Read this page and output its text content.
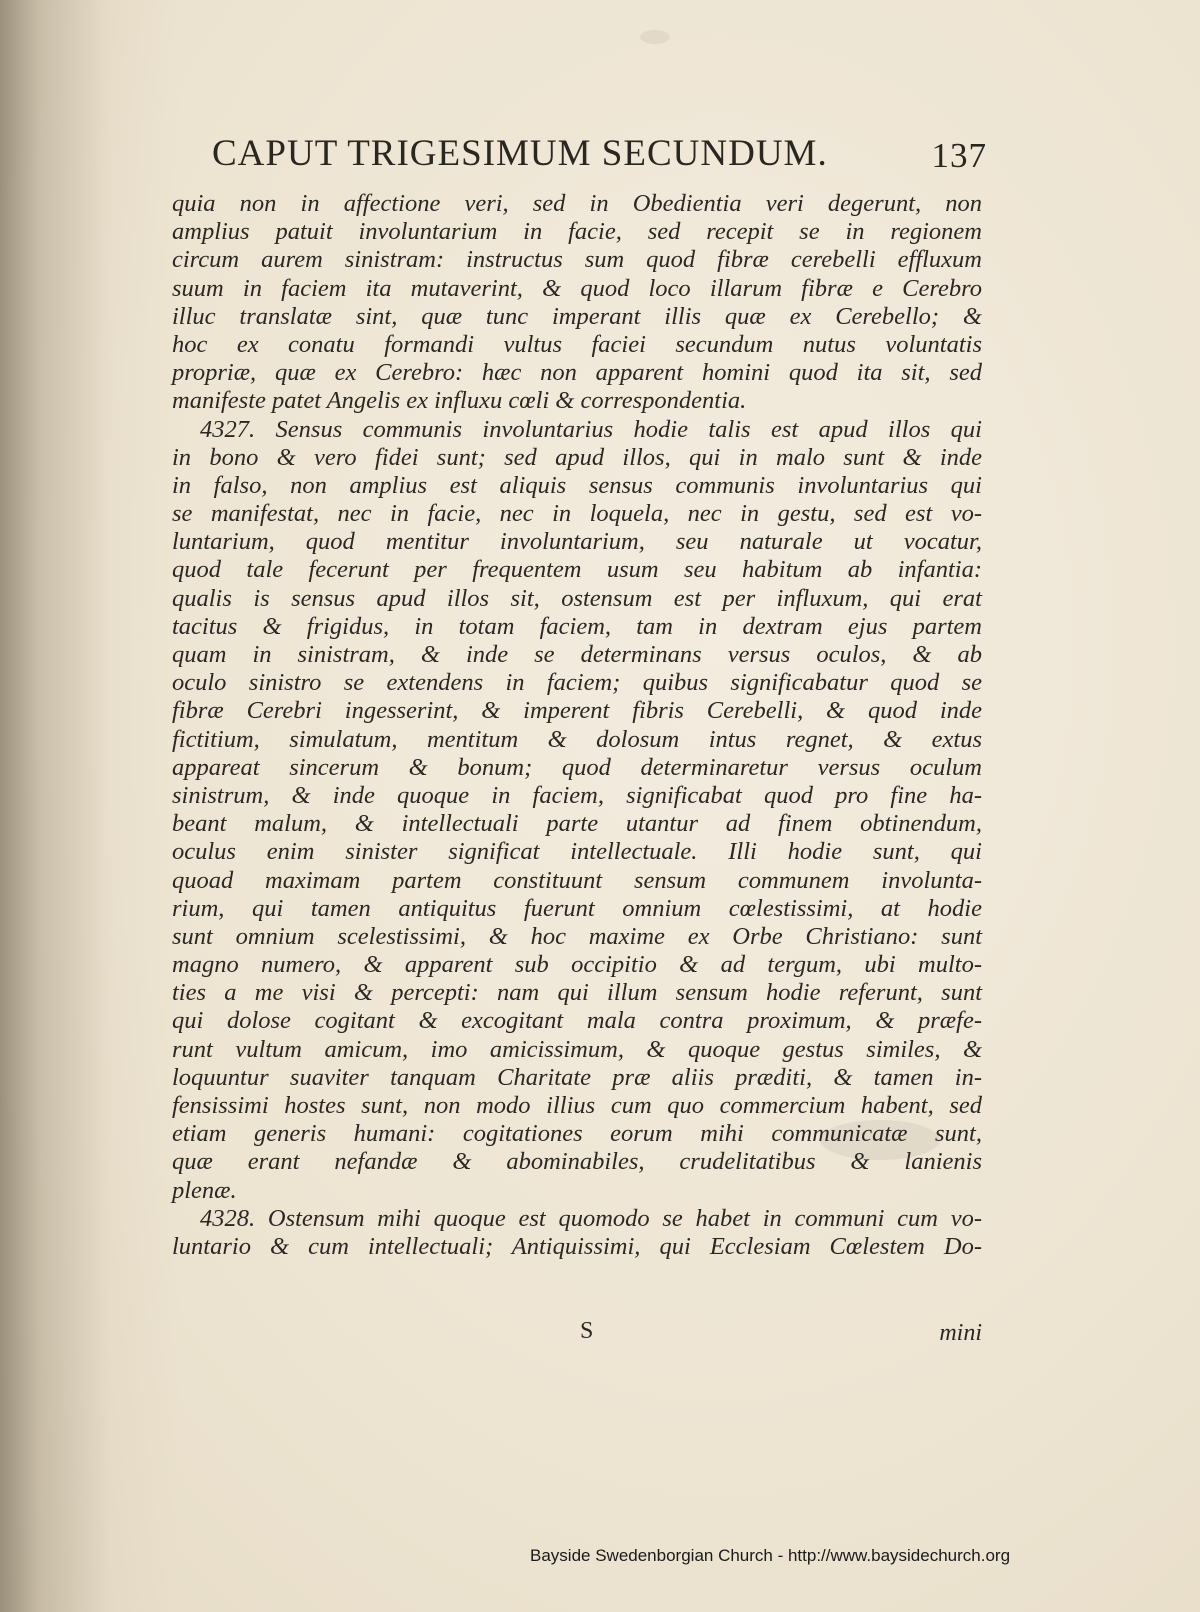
CAPUT TRIGESIMUM SECUNDUM.	137
quia non in affectione veri, sed in Obedientia veri degerunt, non
amplius patuit involuntarium in facie, sed recepit se in regionem
circum aurem sinistram: instructus sum quod fibræ cerebelli effluxum
suum in faciem ita mutaverint, & quod loco illarum fibræ e Cerebro
illuc translatæ sint, quæ tunc imperant illis quæ ex Cerebello; &
hoc ex conatu formandi vultus faciei secundum nutus voluntatis
propriæ, quæ ex Cerebro: hæc non apparent homini quod ita sit, sed
manifeste patet Angelis ex influxu cœli & correspondentia.
4327. Sensus communis involuntarius hodie talis est apud illos qui
in bono & vero fidei sunt; sed apud illos, qui in malo sunt & inde
in falso, non amplius est aliquis sensus communis involuntarius qui
se manifestat, nec in facie, nec in loquela, nec in gestu, sed est vo-
luntarium, quod mentitur involuntarium, seu naturale ut vocatur,
quod tale fecerunt per frequentem usum seu habitum ab infantia:
qualis is sensus apud illos sit, ostensum est per influxum, qui erat
tacitus & frigidus, in totam faciem, tam in dextram ejus partem
quam in sinistram, & inde se determinans versus oculos, & ab
oculo sinistro se extendens in faciem; quibus significabatur quod se
fibræ Cerebri ingesserint, & imperent fibris Cerebelli, & quod inde
fictitium, simulatum, mentitum & dolosum intus regnet, & extus
appareat sincerum & bonum; quod determinaretur versus oculum
sinistrum, & inde quoque in faciem, significabat quod pro fine ha-
beant malum, & intellectuali parte utantur ad finem obtinendum,
oculus enim sinister significat intellectuale. Illi hodie sunt, qui
quoad maximam partem constituunt sensum communem involunta-
rium, qui tamen antiquitus fuerunt omnium cœlestissimi, at hodie
sunt omnium scelestissimi, & hoc maxime ex Orbe Christiano: sunt
magno numero, & apparent sub occipitio & ad tergum, ubi multo-
ties a me visi & percepti: nam qui illum sensum hodie referunt, sunt
qui dolose cogitant & excogitant mala contra proximum, & præfe-
runt vultum amicum, imo amicissimum, & quoque gestus similes, &
loquuntur suaviter tanquam Charitate præ aliis præditi, & tamen in-
fensissimi hostes sunt, non modo illius cum quo commercium habent, sed
etiam generis humani: cogitationes eorum mihi communicatæ sunt,
quæ erant nefandæ & abominabiles, crudelitatibus & lanienis
plenæ.
4328. Ostensum mihi quoque est quomodo se habet in communi cum vo-
luntario & cum intellectuali; Antiquissimi, qui Ecclesiam Cœlestem Do-
S	mini
Bayside Swedenborgian Church - http://www.baysidechurch.org
